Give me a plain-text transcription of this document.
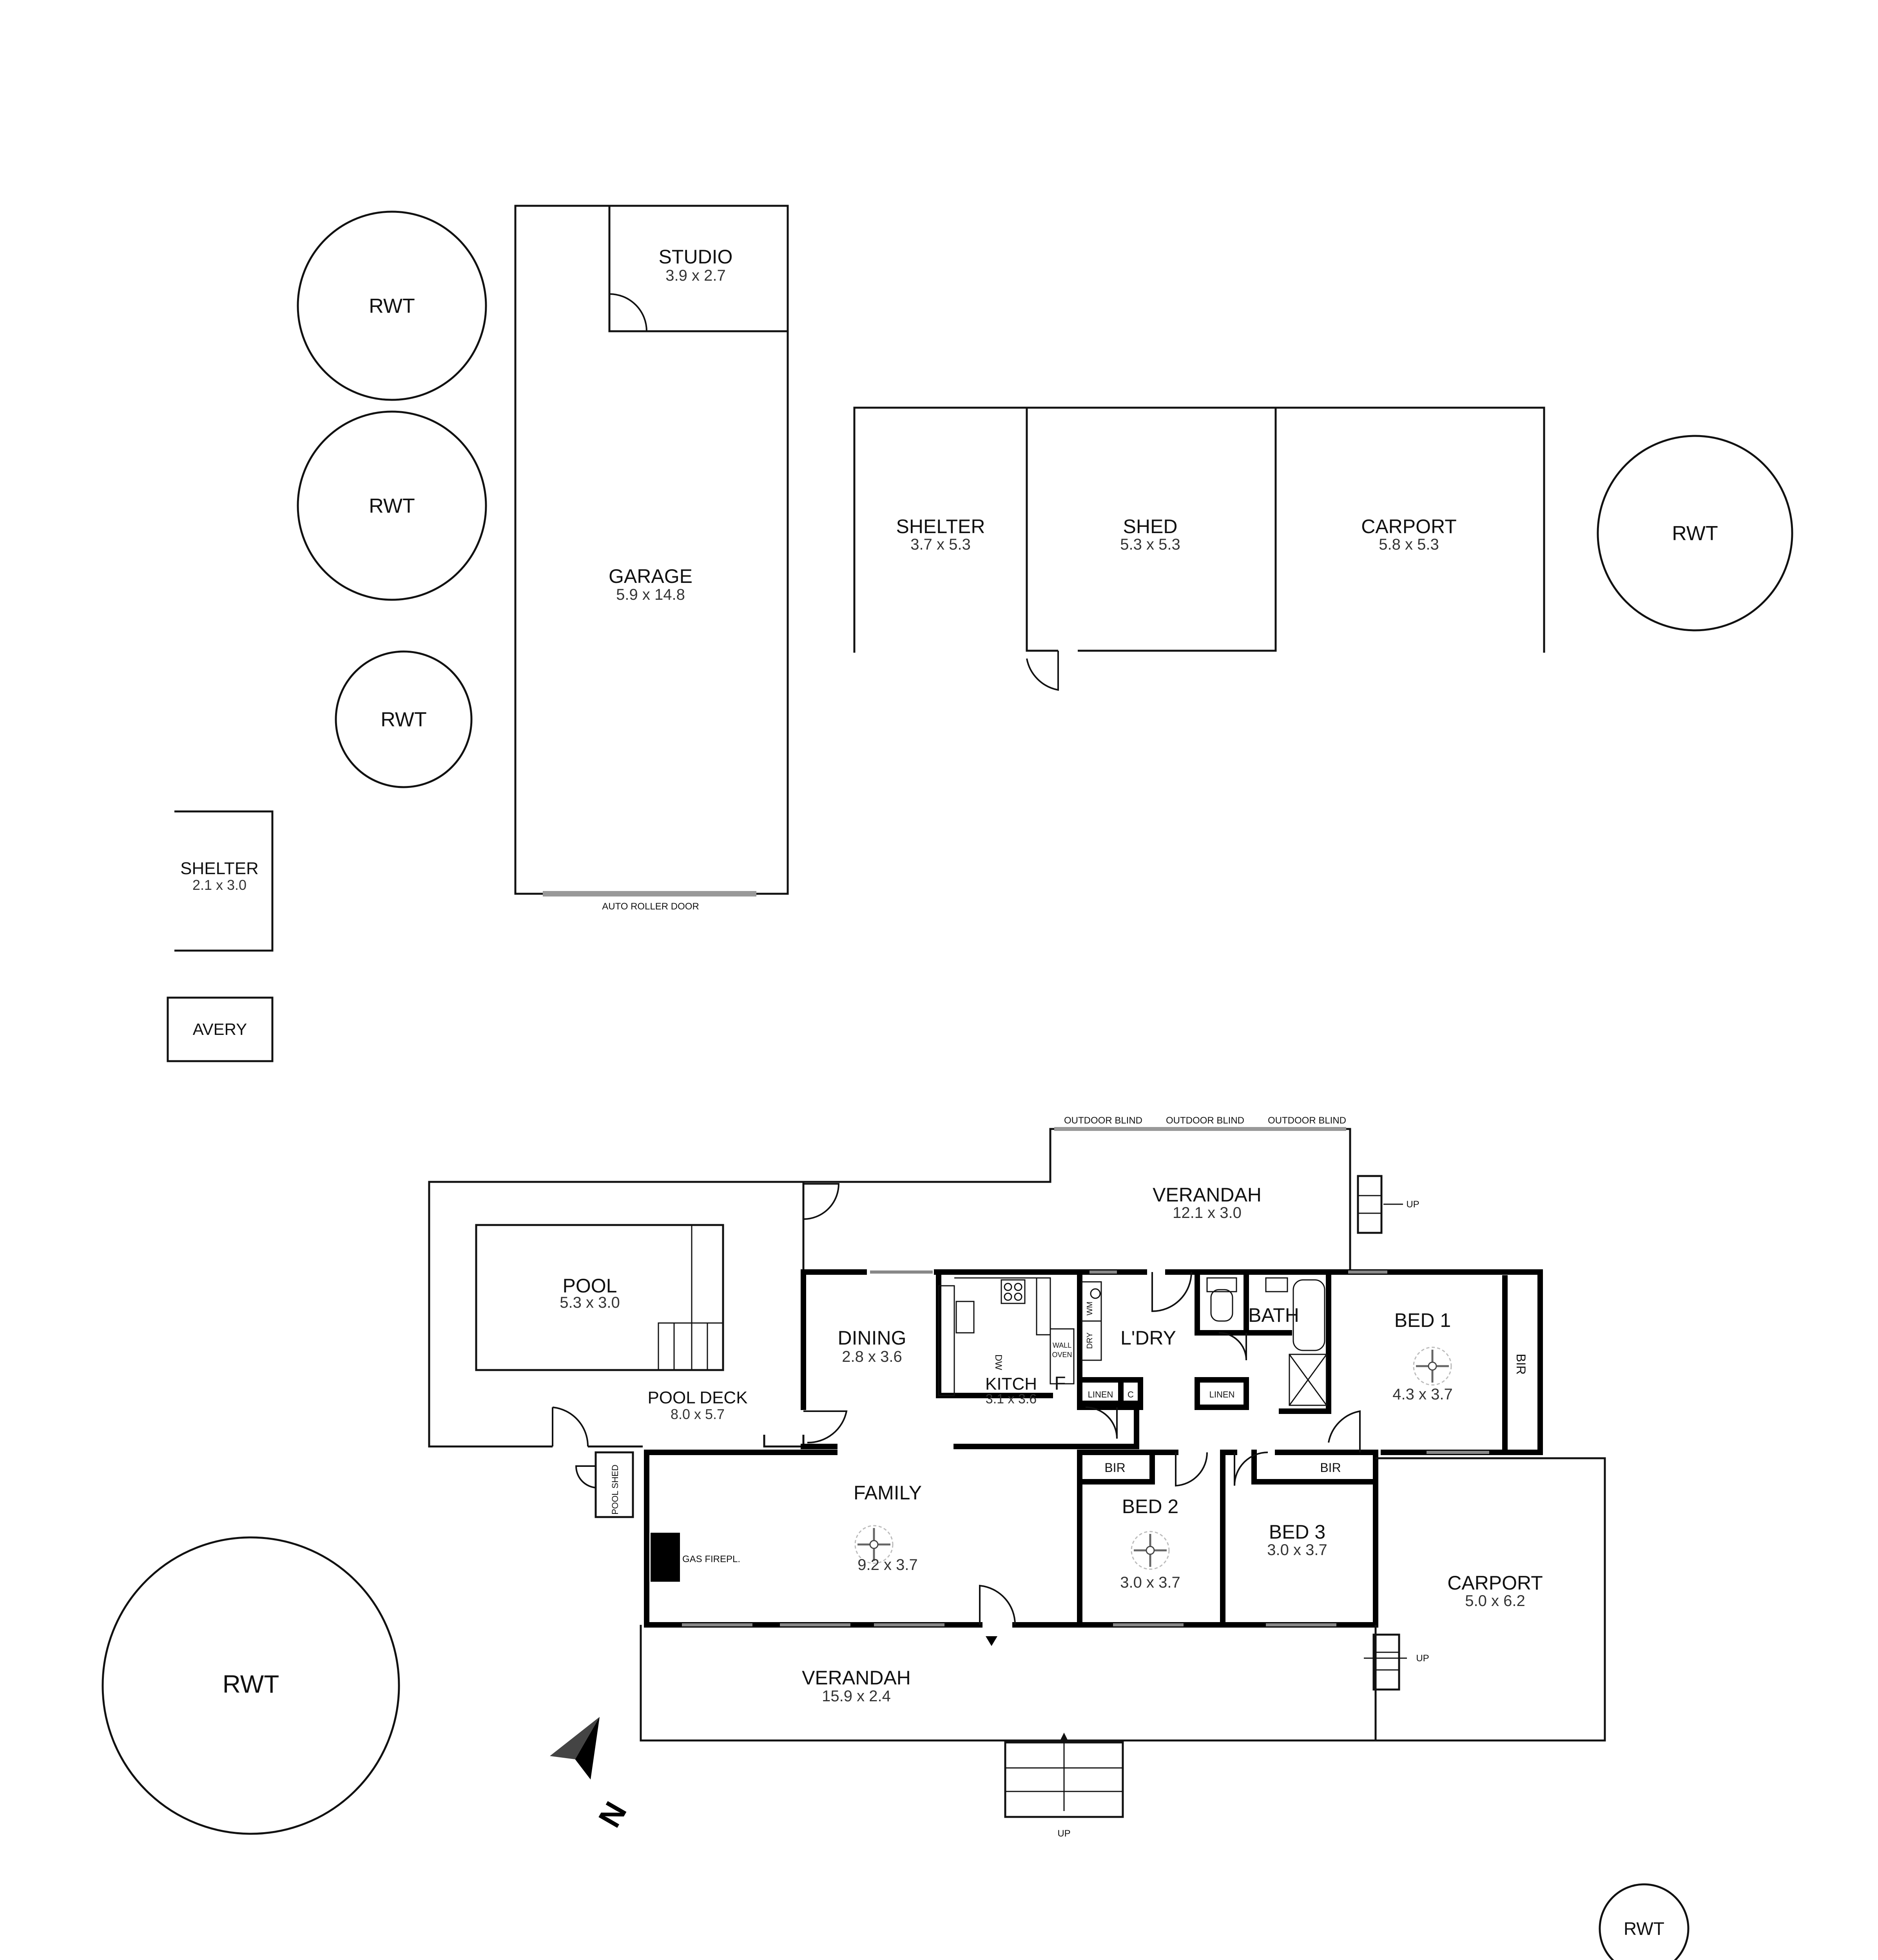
RWT
RWT
RWT
RWT
RWT
RWT
STUDIO
3.9 x 2.7
GARAGE
5.9 x 14.8
AUTO ROLLER DOOR
SHELTER
3.7 x 5.3
SHED
5.3 x 5.3
CARPORT
5.8 x 5.3
SHELTER
2.1 x 3.0
AVERY
OUTDOOR BLIND OUTDOOR BLIND OUTDOOR BLIND
UP
VERANDAH
12.1 x 3.0
POOL
5.3 x 3.0
POOL DECK
8.0 x 5.7
POOL SHED
WALL
OVEN
DW
F
WM
DRY
LINEN C	LINEN
GAS FIREPL.
DINING
2.8 x 3.6
KITCH
3.1 x 3.6
L'DRY
BATH	BED 1
4.3 x 3.7
BIR
FAMILY
9.2 x 3.7
BIR
BED 2
3.0 x 3.7
BIR
BED 3
3.0 x 3.7
CARPORT
5.0 x 6.2
UP
VERANDAH
15.9 x 2.4
UP
N
